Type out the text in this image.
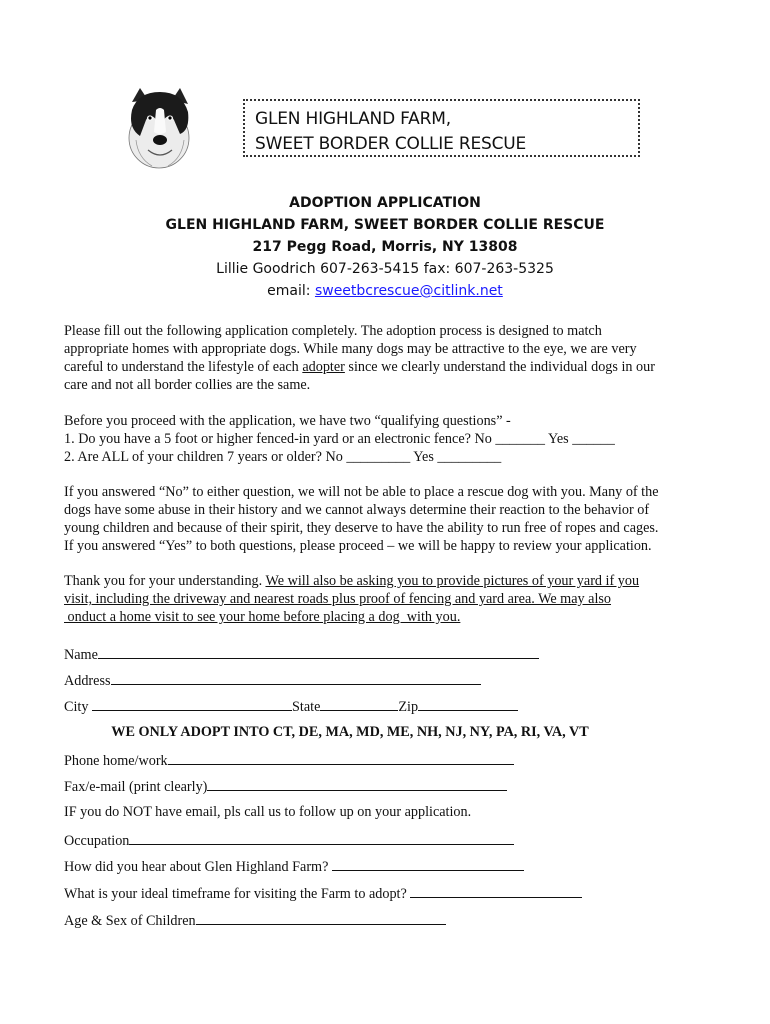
GLEN HIGHLAND FARM,
SWEET BORDER COLLIE RESCUE
ADOPTION APPLICATION
GLEN HIGHLAND FARM, SWEET BORDER COLLIE RESCUE
217 Pegg Road, Morris, NY 13808
Lillie Goodrich 607-263-5415 fax: 607-263-5325
email: sweetbcrescue@citlink.net
Please fill out the following application completely. The adoption process is designed to match
appropriate homes with appropriate dogs. While many dogs may be attractive to the eye, we are very
careful to understand the lifestyle of each adopter since we clearly understand the individual dogs in our
care and not all border collies are the same.
Before you proceed with the application, we have two “qualifying questions” -
1. Do you have a 5 foot or higher fenced-in yard or an electronic fence? No _______ Yes ______
2. Are ALL of your children 7 years or older? No _________ Yes _________
If you answered “No” to either question, we will not be able to place a rescue dog with you. Many of the
dogs have some abuse in their history and we cannot always determine their reaction to the behavior of
young children and because of their spirit, they deserve to have the ability to run free of ropes and cages.
If you answered “Yes” to both questions, please proceed – we will be happy to review your application.
Thank you for your understanding. We will also be asking you to provide pictures of your yard if you
visit, including the driveway and nearest roads plus proof of fencing and yard area. We may also
onduct a home visit to see your home before placing a dog  with you.
Name
Address
City	State	Zip
WE ONLY ADOPT INTO CT, DE, MA, MD, ME, NH, NJ, NY, PA, RI, VA, VT
Phone home/work
Fax/e-mail (print clearly)
IF you do NOT have email, pls call us to follow up on your application.
Occupation
How did you hear about Glen Highland Farm?
What is your ideal timeframe for visiting the Farm to adopt?
Age & Sex of Children
